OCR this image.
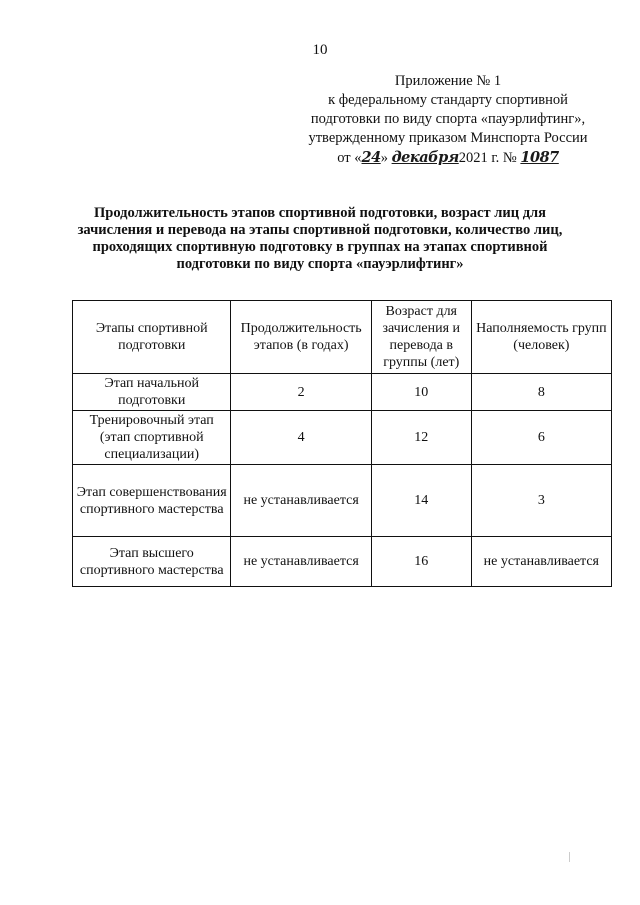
10
Приложение № 1
к федеральному стандарту спортивной
подготовки по виду спорта «пауэрлифтинг»,
утвержденному приказом Минспорта России
от «24» декабря2021 г. № 1087
Продолжительность этапов спортивной подготовки, возраст лиц для зачисления и перевода на этапы спортивной подготовки, количество лиц, проходящих спортивную подготовку в группах на этапах спортивной подготовки по виду спорта «пауэрлифтинг»
Этапы спортивной подготовки	Продолжительность этапов (в годах)	Возраст для зачисления и перевода в группы (лет)	Наполняемость групп (человек)
Этап начальной подготовки	2	10	8
Тренировочный этап (этап спортивной специализации)	4	12	6
Этап совершенствования спортивного мастерства	не устанавливается	14	3
Этап высшего спортивного мастерства	не устанавливается	16	не устанавливается
